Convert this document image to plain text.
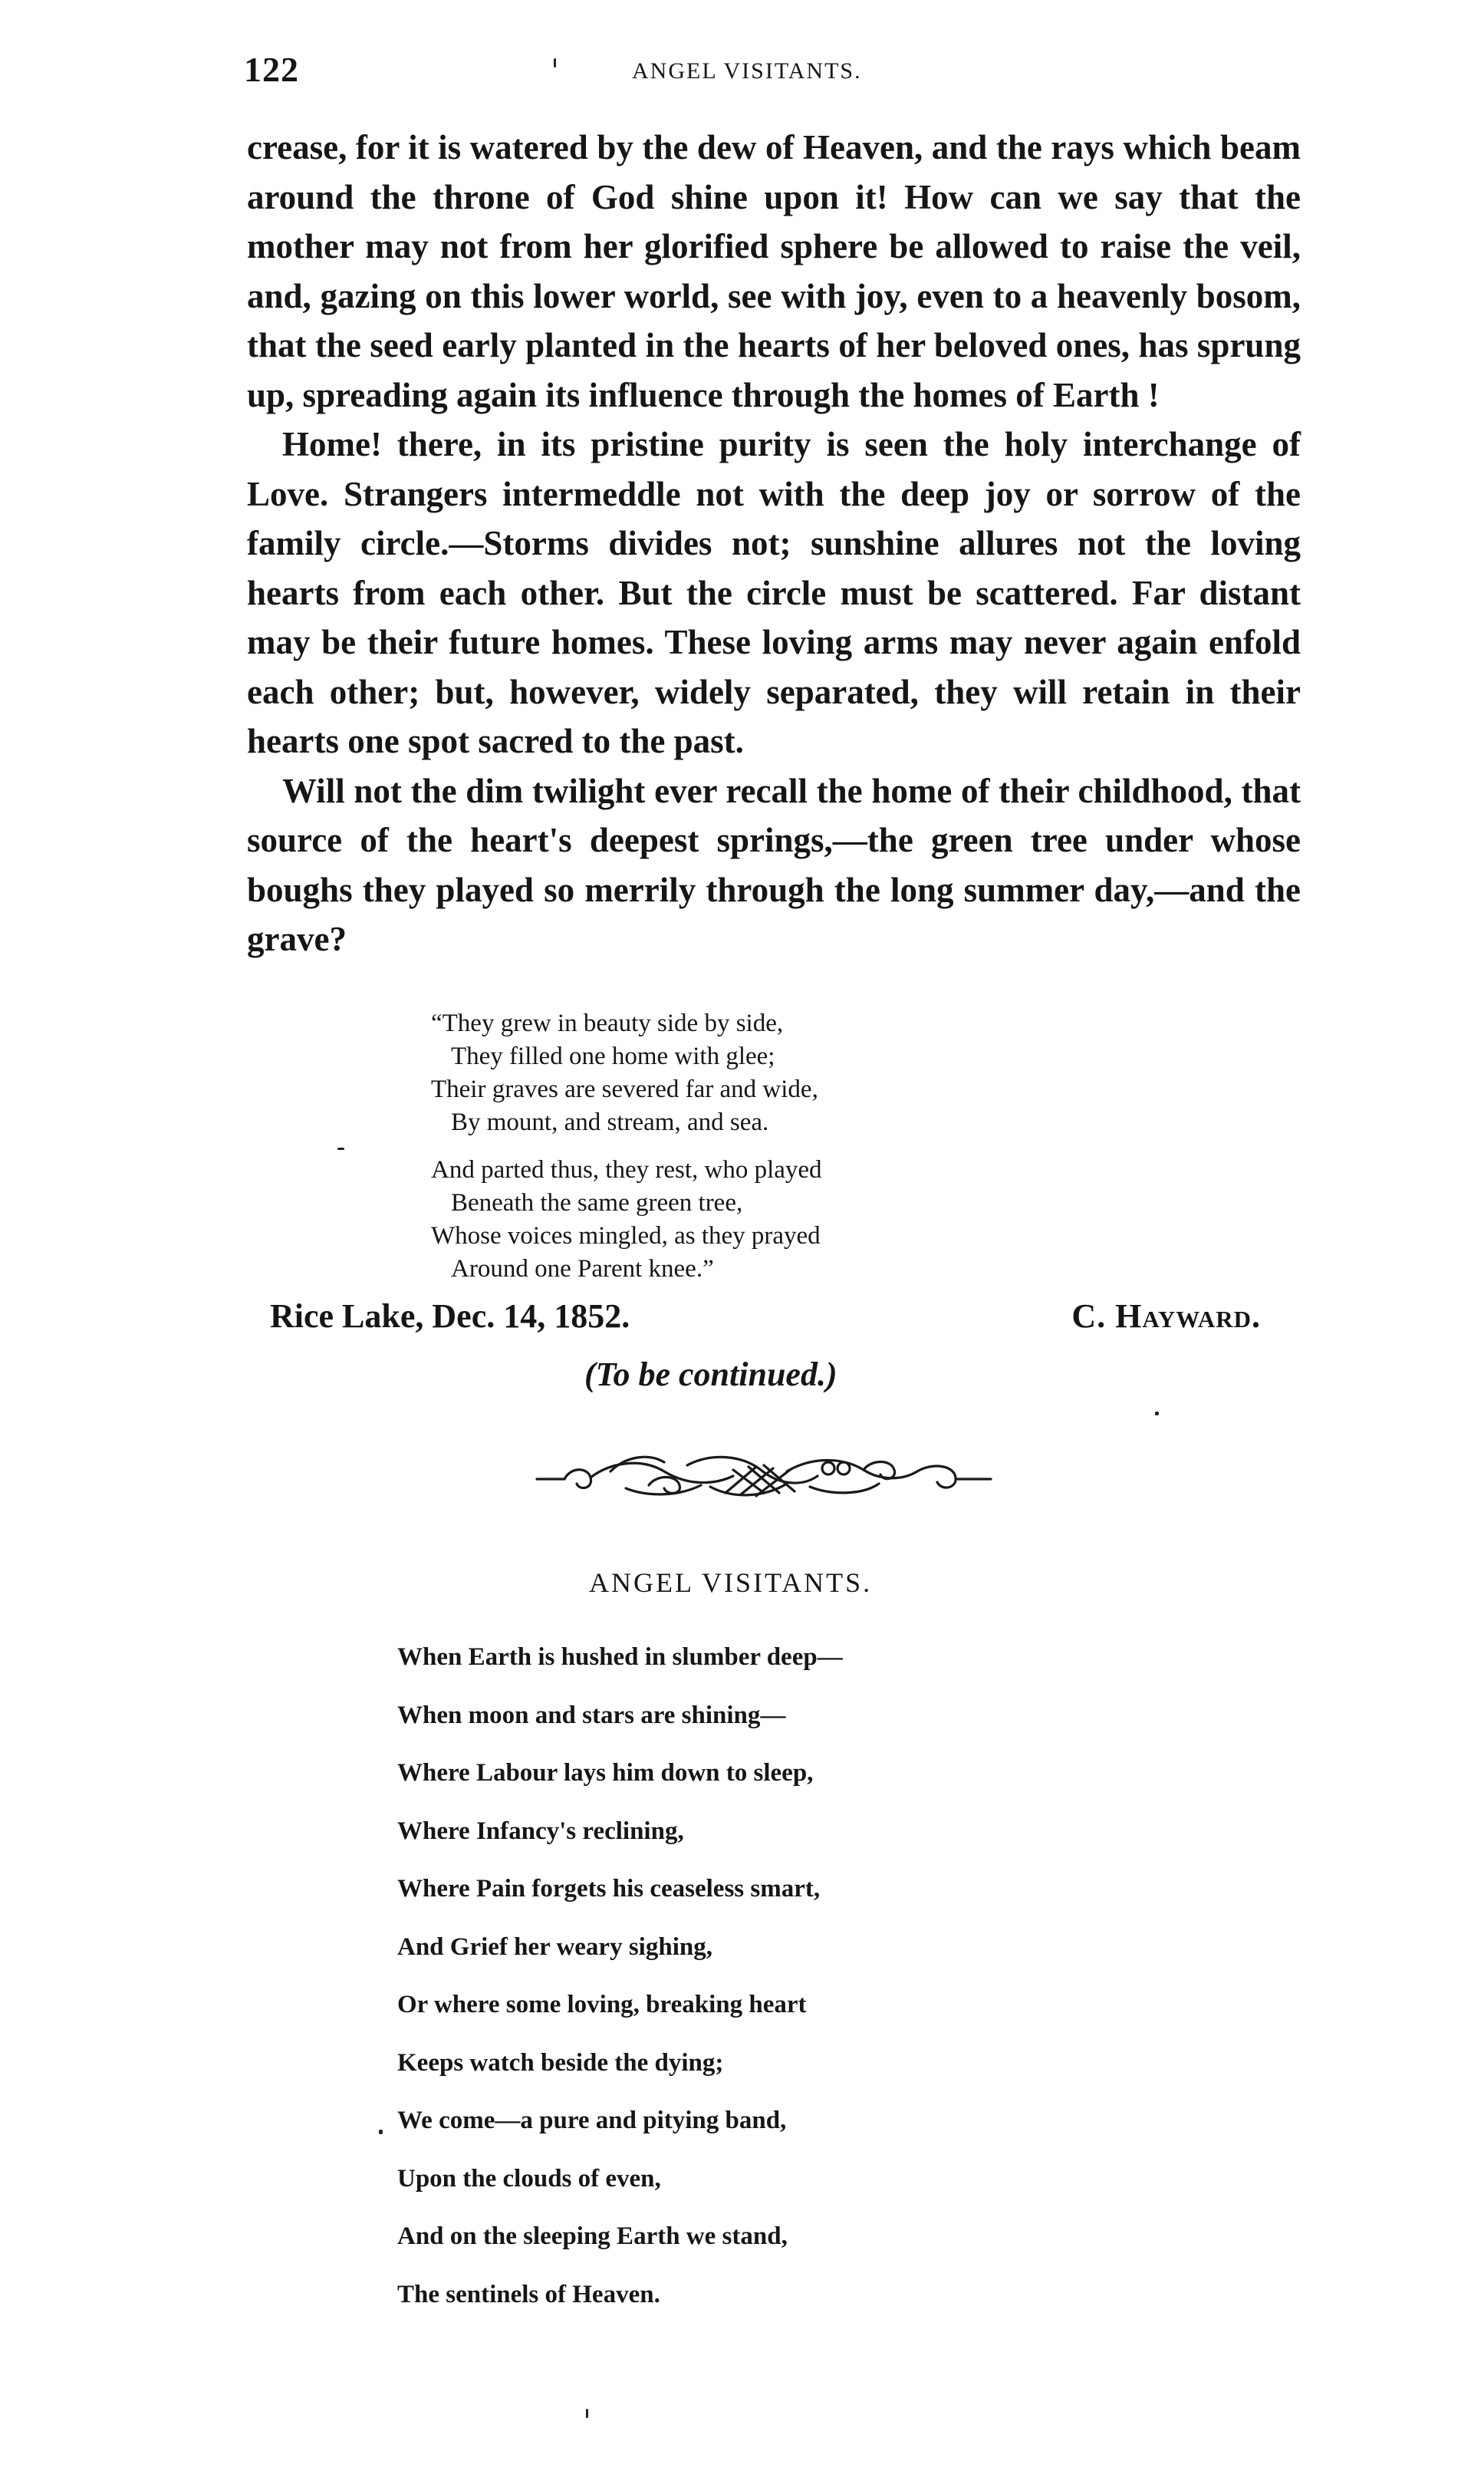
122	ANGEL VISITANTS.

crease, for it is watered by the dew of Heaven, and the rays which beam around the throne of God shine upon it! How can we say that the mother may not from her glorified sphere be allowed to raise the veil, and, gazing on this lower world, see with joy, even to a heavenly bosom, that the seed early planted in the hearts of her beloved ones, has sprung up, spreading again its influence through the homes of Earth !

Home! there, in its pristine purity is seen the holy interchange of Love. Strangers intermeddle not with the deep joy or sorrow of the family circle.—Storms divides not; sunshine allures not the loving hearts from each other. But the circle must be scattered. Far distant may be their future homes. These loving arms may never again enfold each other; but, however, widely separated, they will retain in their hearts one spot sacred to the past.

Will not the dim twilight ever recall the home of their childhood, that source of the heart's deepest springs,—the green tree under whose boughs they played so merrily through the long summer day,—and the grave?

“They grew in beauty side by side,

They filled one home with glee;

Their graves are severed far and wide,

By mount, and stream, and sea.

And parted thus, they rest, who played

Beneath the same green tree,

Whose voices mingled, as they prayed

Around one Parent knee.”

Rice Lake, Dec. 14, 1852.	C. Hayward.
(To be continued.)
ANGEL VISITANTS.

When Earth is hushed in slumber deep—

When moon and stars are shining—

Where Labour lays him down to sleep,

Where Infancy's reclining,

Where Pain forgets his ceaseless smart,

And Grief her weary sighing,

Or where some loving, breaking heart

Keeps watch beside the dying;

We come—a pure and pitying band,

Upon the clouds of even,

And on the sleeping Earth we stand,

The sentinels of Heaven.
